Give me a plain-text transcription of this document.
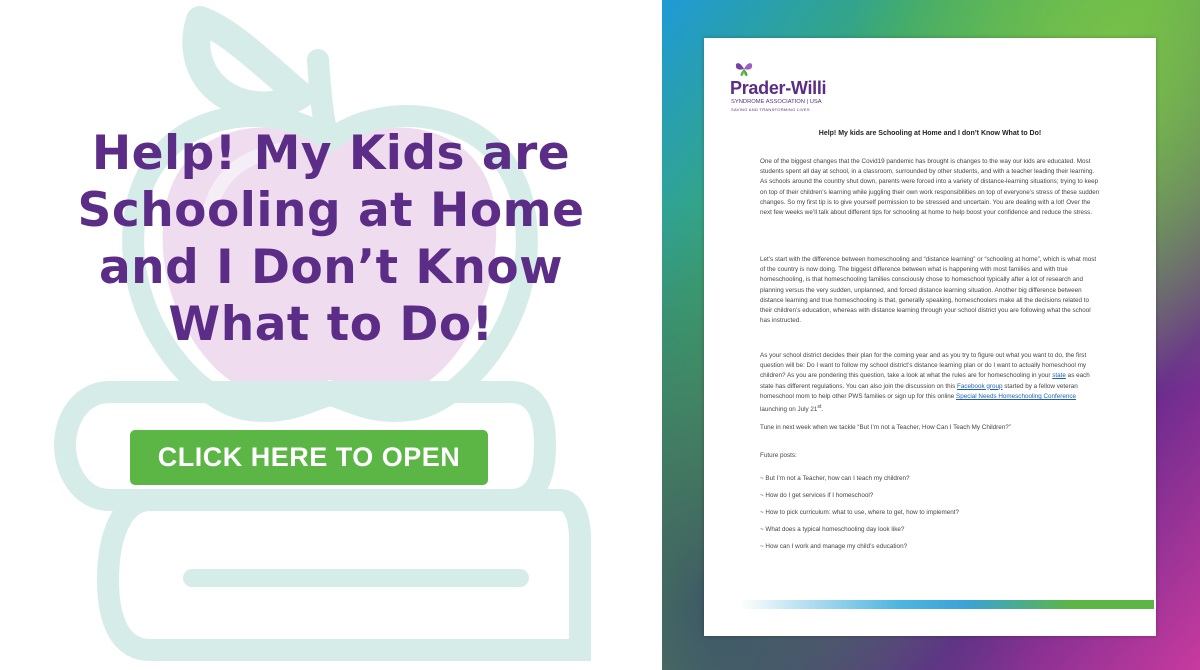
Help! My Kids are Schooling at Home and I Don’t Know What to Do!
CLICK HERE TO OPEN
Prader-Willi
SYNDROME ASSOCIATION | USA
SAVING AND TRANSFORMING LIVES

Help! My kids are Schooling at Home and I don’t Know What to Do!

One of the biggest changes that the Covid19 pandemic has brought is changes to the way our kids are educated. Most students spent all day at school, in a classroom, surrounded by other students, and with a teacher leading their learning. As schools around the country shut down, parents were forced into a variety of distance-learning situations; trying to keep on top of their children’s learning while juggling their own work responsibilities on top of everyone’s stress of these sudden changes. So my first tip is to give yourself permission to be stressed and uncertain. You are dealing with a lot! Over the next few weeks we’ll talk about different tips for schooling at home to help boost your confidence and reduce the stress.

Let’s start with the difference between homeschooling and “distance learning” or “schooling at home”, which is what most of the country is now doing. The biggest difference between what is happening with most families and with true homeschooling, is that homeschooling families consciously chose to homeschool typically after a lot of research and planning versus the very sudden, unplanned, and forced distance learning situation. Another big difference between distance learning and true homeschooling is that, generally speaking, homeschoolers make all the decisions related to their children’s education, whereas with distance learning through your school district you are following what the school has instructed.

As your school district decides their plan for the coming year and as you try to figure out what you want to do, the first question will be: Do I want to follow my school district’s distance learning plan or do I want to actually homeschool my children? As you are pondering this question, take a look at what the rules are for homeschooling in your state as each state has different regulations. You can also join the discussion on this Facebook group started by a fellow veteran homeschool mom to help other PWS families or sign up for this online Special Needs Homeschooling Conference launching on July 21st.

Tune in next week when we tackle “But I’m not a Teacher, How Can I Teach My Children?”

Future posts:

~ But I’m not a Teacher, how can I teach my children?
~ How do I get services if I homeschool?
~ How to pick curriculum: what to use, where to get, how to implement?
~ What does a typical homeschooling day look like?
~ How can I work and manage my child’s education?
